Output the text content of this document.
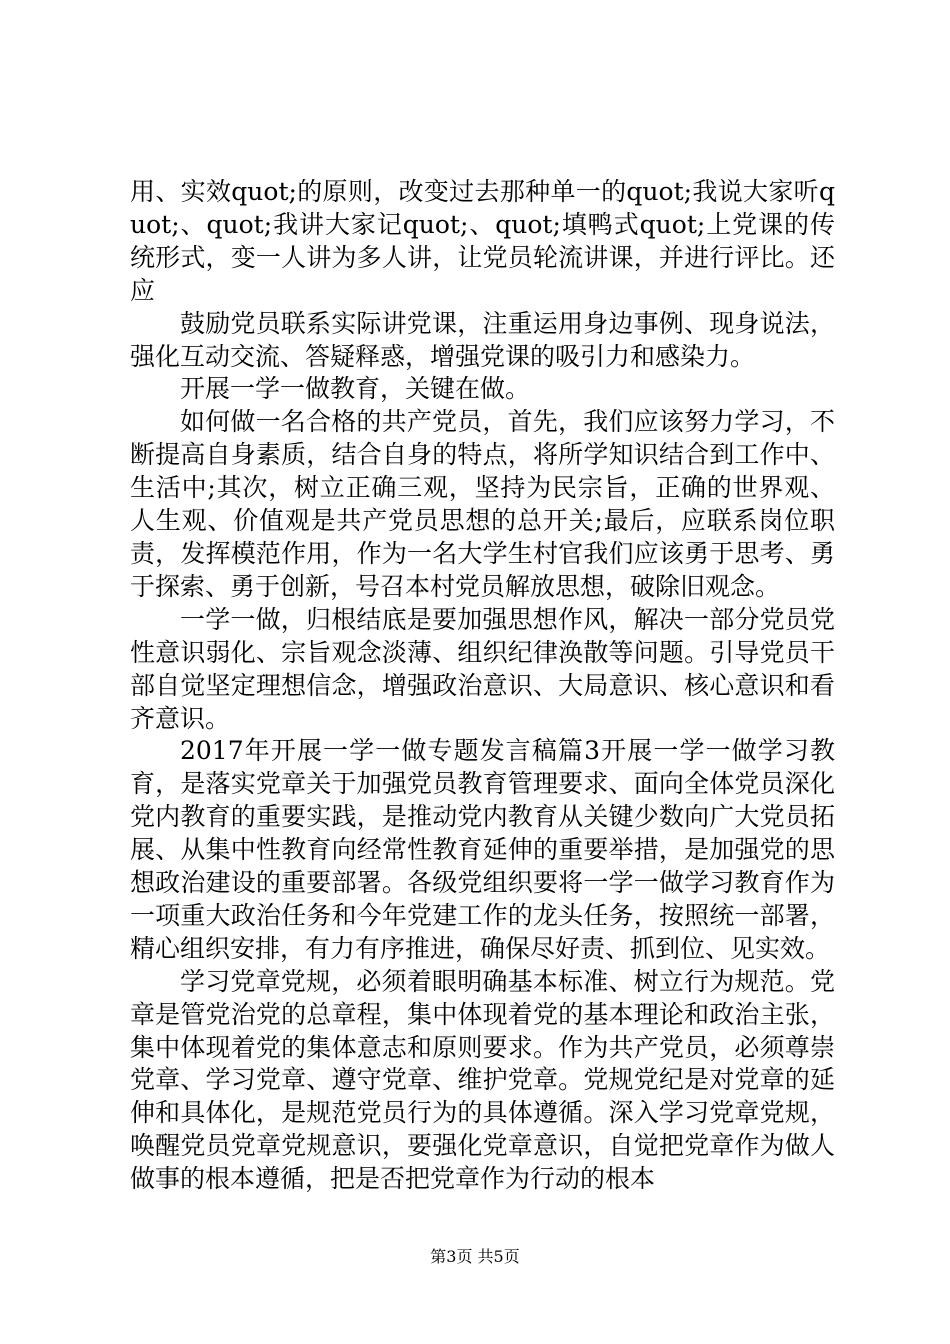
用、实效quot;的原则，改变过去那种单一的quot;我说大家听quot;、quot;我讲大家记quot;、quot;填鸭式quot;上党课的传统形式，变一人讲为多人讲，让党员轮流讲课，并进行评比。还应

鼓励党员联系实际讲党课，注重运用身边事例、现身说法，强化互动交流、答疑释惑，增强党课的吸引力和感染力。

开展一学一做教育，关键在做。

如何做一名合格的共产党员，首先，我们应该努力学习，不断提高自身素质，结合自身的特点，将所学知识结合到工作中、生活中;其次，树立正确三观，坚持为民宗旨，正确的世界观、人生观、价值观是共产党员思想的总开关;最后，应联系岗位职责，发挥模范作用，作为一名大学生村官我们应该勇于思考、勇于探索、勇于创新，号召本村党员解放思想，破除旧观念。

一学一做，归根结底是要加强思想作风，解决一部分党员党性意识弱化、宗旨观念淡薄、组织纪律涣散等问题。引导党员干部自觉坚定理想信念，增强政治意识、大局意识、核心意识和看齐意识。

2017年开展一学一做专题发言稿篇3开展一学一做学习教育，是落实党章关于加强党员教育管理要求、面向全体党员深化党内教育的重要实践，是推动党内教育从关键少数向广大党员拓展、从集中性教育向经常性教育延伸的重要举措，是加强党的思想政治建设的重要部署。各级党组织要将一学一做学习教育作为一项重大政治任务和今年党建工作的龙头任务，按照统一部署，精心组织安排，有力有序推进，确保尽好责、抓到位、见实效。

学习党章党规，必须着眼明确基本标准、树立行为规范。党章是管党治党的总章程，集中体现着党的基本理论和政治主张，集中体现着党的集体意志和原则要求。作为共产党员，必须尊崇党章、学习党章、遵守党章、维护党章。党规党纪是对党章的延伸和具体化，是规范党员行为的具体遵循。深入学习党章党规，唤醒党员党章党规意识，要强化党章意识，自觉把党章作为做人做事的根本遵循，把是否把党章作为行动的根本

第3页 共5页
